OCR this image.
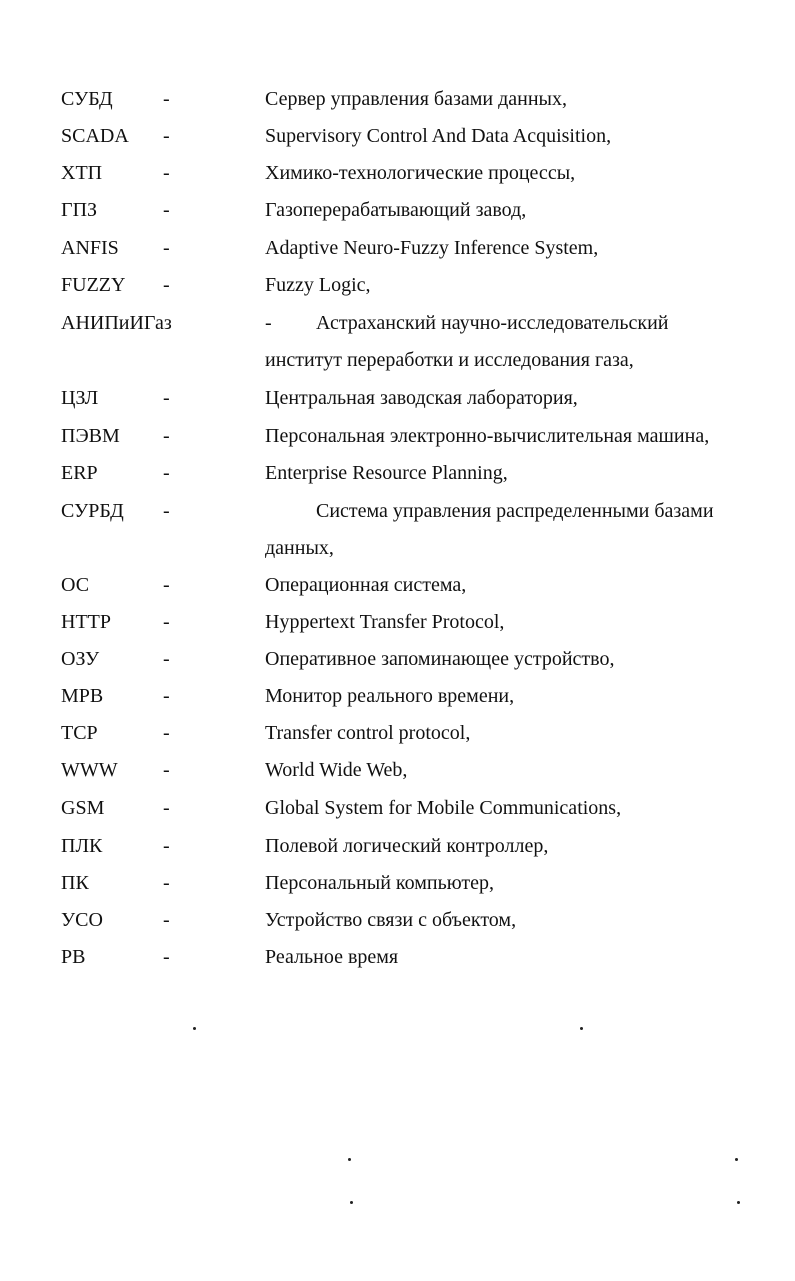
СУБД	-	Сервер управления базами данных,
SCADA -	Supervisory Control And Data Acquisition,
ХТП	-	Химико-технологические процессы,
ГПЗ	-	Газоперерабатывающий завод,
ANFIS -	Adaptive Neuro-Fuzzy Inference System,
FUZZY -	Fuzzy Logic,
АНИПиИГаз	- Астраханский научно-исследовательский
институт переработки и исследования газа,
ЦЗЛ	-	Центральная заводская лаборатория,
ПЭВМ -	Персональная электронно-вычислительная машина,
ERP	-	Enterprise Resource Planning,
СУРБД -	Система управления распределенными базами
данных,
ОС	-	Операционная система,
HTTP	-	Hyppertext Transfer Protocol,
ОЗУ	-	Оперативное запоминающее устройство,
МРВ	-	Монитор реального времени,
TCP	-	Transfer control protocol,
WWW -	World Wide Web,
GSM	-	Global System for Mobile Communications,
ПЛК	-	Полевой логический контроллер,
ПК	-	Персональный компьютер,
УСО	-	Устройство связи с объектом,
РВ	-	Реальное время
